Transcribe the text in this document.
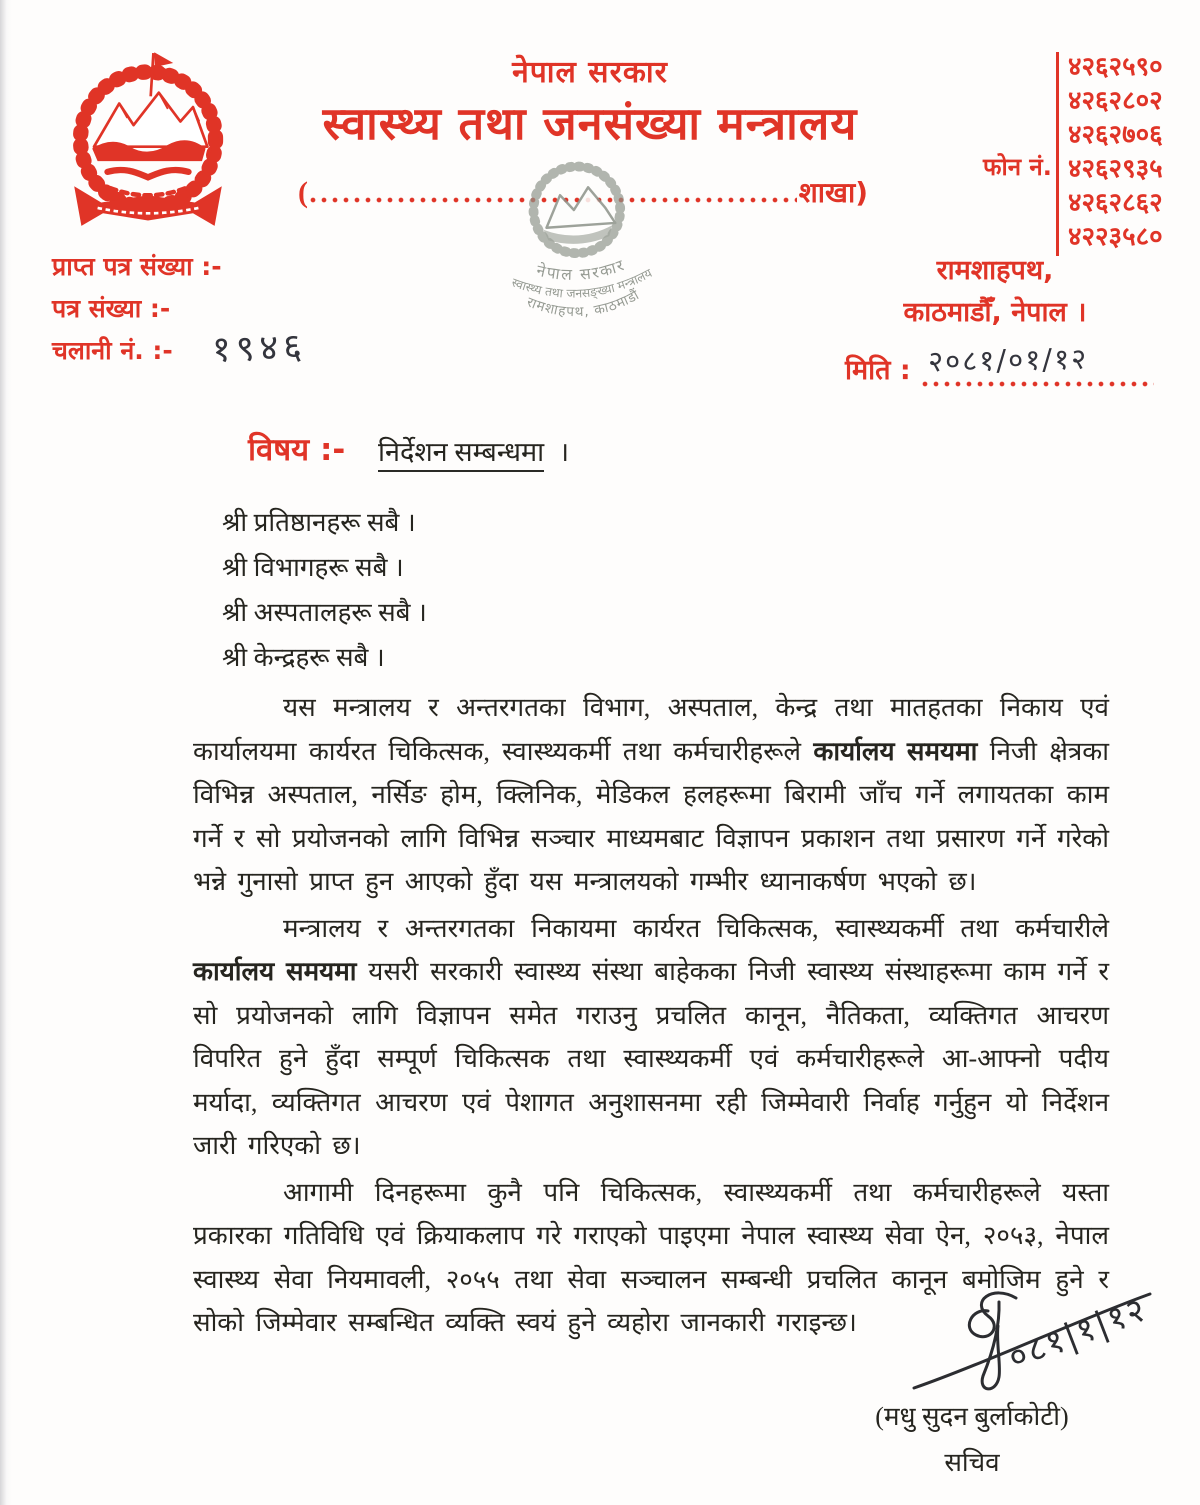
नेपाल सरकार
स्वास्थ्य तथा जनसंख्या मन्त्रालय
(	शाखा)
नेपाल सरकार
स्वास्थ्य तथा जनसङ्ख्या मन्त्रालय
रामशाहपथ, काठमाडौं
फोन नं.
४२६२५९०
४२६२८०२
४२६२७०६
४२६२९३५
४२६२८६२
४२२३५८०
प्राप्त पत्र संख्या :-
पत्र संख्या :-
चलानी नं. :-	१९४६
रामशाहपथ,
काठमाडौँ, नेपाल ।
मिति : २०८१/०१/१२
विषय :- निर्देशन सम्बन्धमा ।
श्री प्रतिष्ठानहरू सबै ।
श्री विभागहरू सबै ।
श्री अस्पतालहरू सबै ।
श्री केन्द्रहरू सबै ।

यस मन्त्रालय र अन्तरगतका विभाग, अस्पताल, केन्द्र तथा मातहतका निकाय एवं कार्यालयमा कार्यरत चिकित्सक, स्वास्थ्यकर्मी तथा कर्मचारीहरूले कार्यालय समयमा निजी क्षेत्रका विभिन्न अस्पताल, नर्सिङ होम, क्लिनिक, मेडिकल हलहरूमा बिरामी जाँच गर्ने लगायतका काम गर्ने र सो प्रयोजनको लागि विभिन्न सञ्चार माध्यमबाट विज्ञापन प्रकाशन तथा प्रसारण गर्ने गरेको भन्ने गुनासो प्राप्त हुन आएको हुँदा यस मन्त्रालयको गम्भीर ध्यानाकर्षण भएको छ।

मन्त्रालय र अन्तरगतका निकायमा कार्यरत चिकित्सक, स्वास्थ्यकर्मी तथा कर्मचारीले कार्यालय समयमा यसरी सरकारी स्वास्थ्य संस्था बाहेकका निजी स्वास्थ्य संस्थाहरूमा काम गर्ने र सो प्रयोजनको लागि विज्ञापन समेत गराउनु प्रचलित कानून, नैतिकता, व्यक्तिगत आचरण विपरित हुने हुँदा सम्पूर्ण चिकित्सक तथा स्वास्थ्यकर्मी एवं कर्मचारीहरूले आ-आफ्नो पदीय मर्यादा, व्यक्तिगत आचरण एवं पेशागत अनुशासनमा रही जिम्मेवारी निर्वाह गर्नुहुन यो निर्देशन जारी गरिएको छ।

आगामी दिनहरूमा कुनै पनि चिकित्सक, स्वास्थ्यकर्मी तथा कर्मचारीहरूले यस्ता प्रकारका गतिविधि एवं क्रियाकलाप गरे गराएको पाइएमा नेपाल स्वास्थ्य सेवा ऐन, २०५३, नेपाल स्वास्थ्य सेवा नियमावली, २०५५ तथा सेवा सञ्चालन सम्बन्धी प्रचलित कानून बमोजिम हुने र सोको जिम्मेवार सम्बन्धित व्यक्ति स्वयं हुने व्यहोरा जानकारी गराइन्छ।	०८१|१|१२
(मधु सुदन बुर्लाकोटी)
सचिव
